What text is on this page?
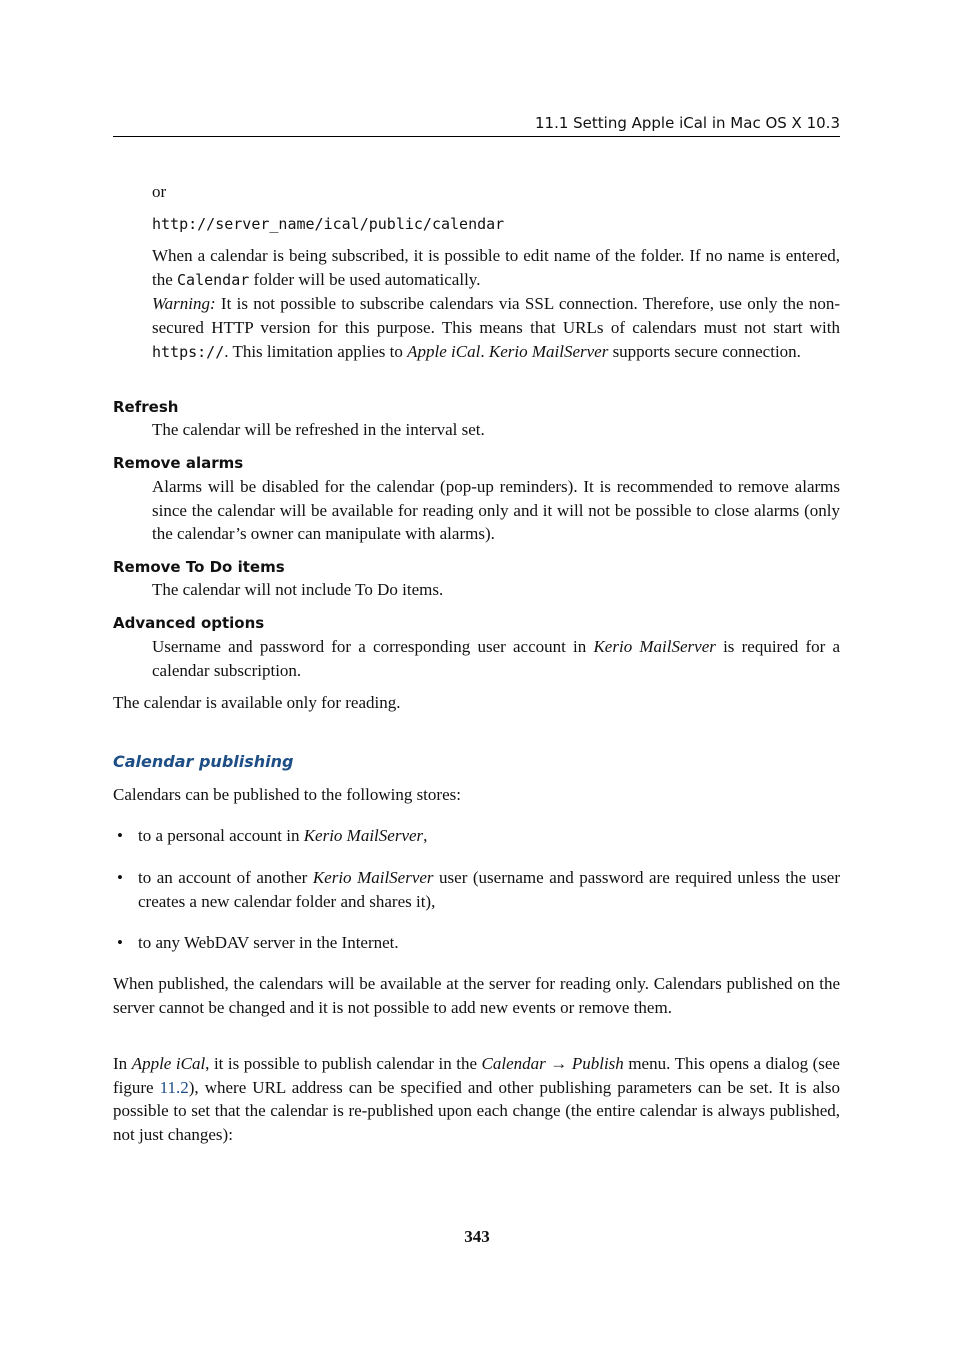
11.1 Setting Apple iCal in Mac OS X 10.3
or
http://server_name/ical/public/calendar
When a calendar is being subscribed, it is possible to edit name of the folder. If no name is entered, the Calendar folder will be used automatically.
Warning: It is not possible to subscribe calendars via SSL connection. Therefore, use only the non-secured HTTP version for this purpose. This means that URLs of calendars must not start with https://. This limitation applies to Apple iCal. Kerio MailServer supports secure connection.
Refresh
The calendar will be refreshed in the interval set.
Remove alarms
Alarms will be disabled for the calendar (pop-up reminders). It is recommended to remove alarms since the calendar will be available for reading only and it will not be possible to close alarms (only the calendar’s owner can manipulate with alarms).
Remove To Do items
The calendar will not include To Do items.
Advanced options
Username and password for a corresponding user account in Kerio MailServer is required for a calendar subscription.
The calendar is available only for reading.
Calendar publishing
Calendars can be published to the following stores:
• to a personal account in Kerio MailServer,
• to an account of another Kerio MailServer user (username and password are required unless the user creates a new calendar folder and shares it),
• to any WebDAV server in the Internet.
When published, the calendars will be available at the server for reading only. Calendars published on the server cannot be changed and it is not possible to add new events or remove them.
In Apple iCal, it is possible to publish calendar in the Calendar → Publish menu. This opens a dialog (see figure 11.2), where URL address can be specified and other publishing parameters can be set. It is also possible to set that the calendar is re-published upon each change (the entire calendar is always published, not just changes):
343
